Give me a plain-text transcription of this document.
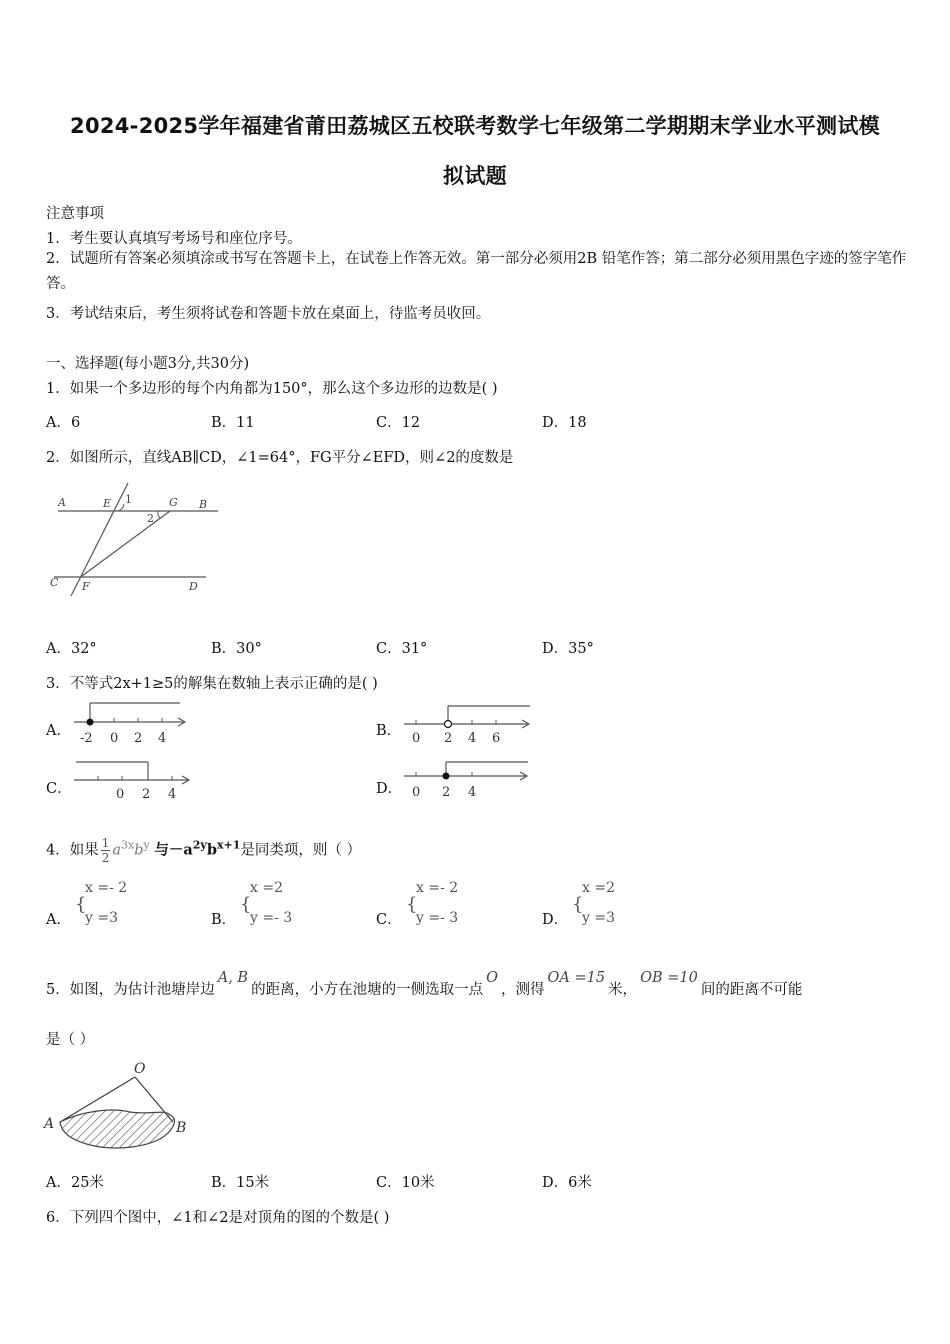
2024-2025学年福建省莆田荔城区五校联考数学七年级第二学期期末学业水平测试模
拟试题
注意事项
1．考生要认真填写考场号和座位序号。
2．试题所有答案必须填涂或书写在答题卡上，在试卷上作答无效。第一部分必须用2B 铅笔作答；第二部分必须用黑色字迹的签字笔作答。
3．考试结束后，考生须将试卷和答题卡放在桌面上，待监考员收回。
一、选择题(每小题3分,共30分)
1．如果一个多边形的每个内角都为150°，那么这个多边形的边数是( )
A．6	B．11	C．12	D．18
2．如图所示，直线AB∥CD，∠1=64°，FG平分∠EFD，则∠2的度数是
A	E 1	G B
2
C F	D
A．32°	B．30°	C．31°	D．35°
3．不等式2x+1≥5的解集在数轴上表示正确的是( )
A． -2 0 2 4	B． 0 2 4 6
C．	0 2 4	D． 0 2 4
4．如果 $\frac{1}{2} a^{3x}b^y$ 与$-a^{2y}b^{x+1}$是同类项，则（ ）
A．
{
x =- 2
y =3	B．
{
x =2
y =- 3	C．
{
x =- 2
y =- 3	D．
{
x =2
y =3
5．如图，为估计池塘岸边A, B的距离，小方在池塘的一侧选取一点O，测得OA =15米，OB =10间的距离不可能
是（ ）
O
A	B
A．25米	B．15米	C．10米	D．6米
6．下列四个图中，∠1和∠2是对顶角的图的个数是( )
